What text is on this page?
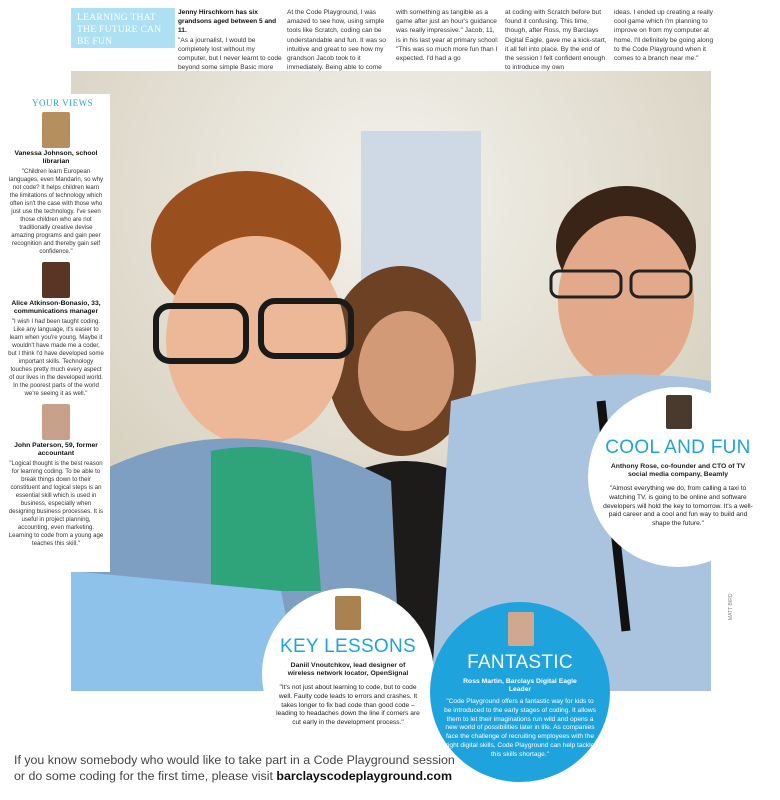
LEARNING THAT THE FUTURE CAN BE FUN

Jenny Hirschkorn has six grandsons aged between 5 and 11.
"As a journalist, I would be completely lost without my computer, but I never learnt to code beyond some simple Basic more
At the Code Playground, I was amazed to see how, using simple tools like Scratch, coding can be understandable and fun. It was so intuitive and great to see how my grandson Jacob took to it immediately. Being able to come
with something as tangible as a game after just an hour's guidance was really impressive." Jacob, 11, is in his last year at primary school: "This was so much more fun than I expected. I'd had a go
at coding with Scratch before but found it confusing. This time, though, after Ross, my Barclays Digital Eagle, gave me a kick-start, it all fell into place. By the end of the session I felt confident enough to introduce my own
ideas. I ended up creating a really cool game which I'm planning to improve on from my computer at home. I'll definitely be going along to the Code Playground when it comes to a branch near me."
YOUR VIEWS
Vanessa Johnson, school librarian
"Children learn European languages, even Mandarin, so why not code? It helps children learn the limitations of technology which often isn't the case with those who just use the technology. I've seen those children who are not traditionally creative devise amazing programs and gain peer recognition and thereby gain self confidence."
Alice Atkinson-Bonasio, 33, communications manager
"I wish I had been taught coding. Like any language, it's easier to learn when you're young. Maybe it wouldn't have made me a coder, but I think I'd have developed some important skills. Technology touches pretty much every aspect of our lives in the developed world. In the poorest parts of the world we're seeing it as well."
John Paterson, 59, former accountant
"Logical thought is the best reason for learning coding. To be able to break things down to their constituent and logical steps is an essential skill which is used in business, especially when designing business processes. It is useful in project planning, accounting, even marketing. Learning to code from a young age teaches this skill."
COOL AND FUN
Anthony Rose, co-founder and CTO of TV social media company, Beamly
"Almost everything we do, from calling a taxi to watching TV, is going to be online and software developers will hold the key to tomorrow. It's a well-paid career and a cool and fun way to build and shape the future."
KEY LESSONS
Daniil Vnoutchkov, lead designer of wireless network locator, OpenSignal
"It's not just about learning to code, but to code well. Faulty code leads to errors and crashes. It takes longer to fix bad code than good code – leading to headaches down the line if corners are cut early in the development process."
FANTASTIC
Ross Martin, Barclays Digital Eagle Leader
"Code Playground offers a fantastic way for kids to be introduced to the early stages of coding. It allows them to let their imaginations run wild and opens a new world of possibilities later in life. As companies face the challenge of recruiting employees with the right digital skills, Code Playground can help tackle this skills shortage."
MATT BIRD
If you know somebody who would like to take part in a Code Playground session
or do some coding for the first time, please visit barclayscodeplayground.com
